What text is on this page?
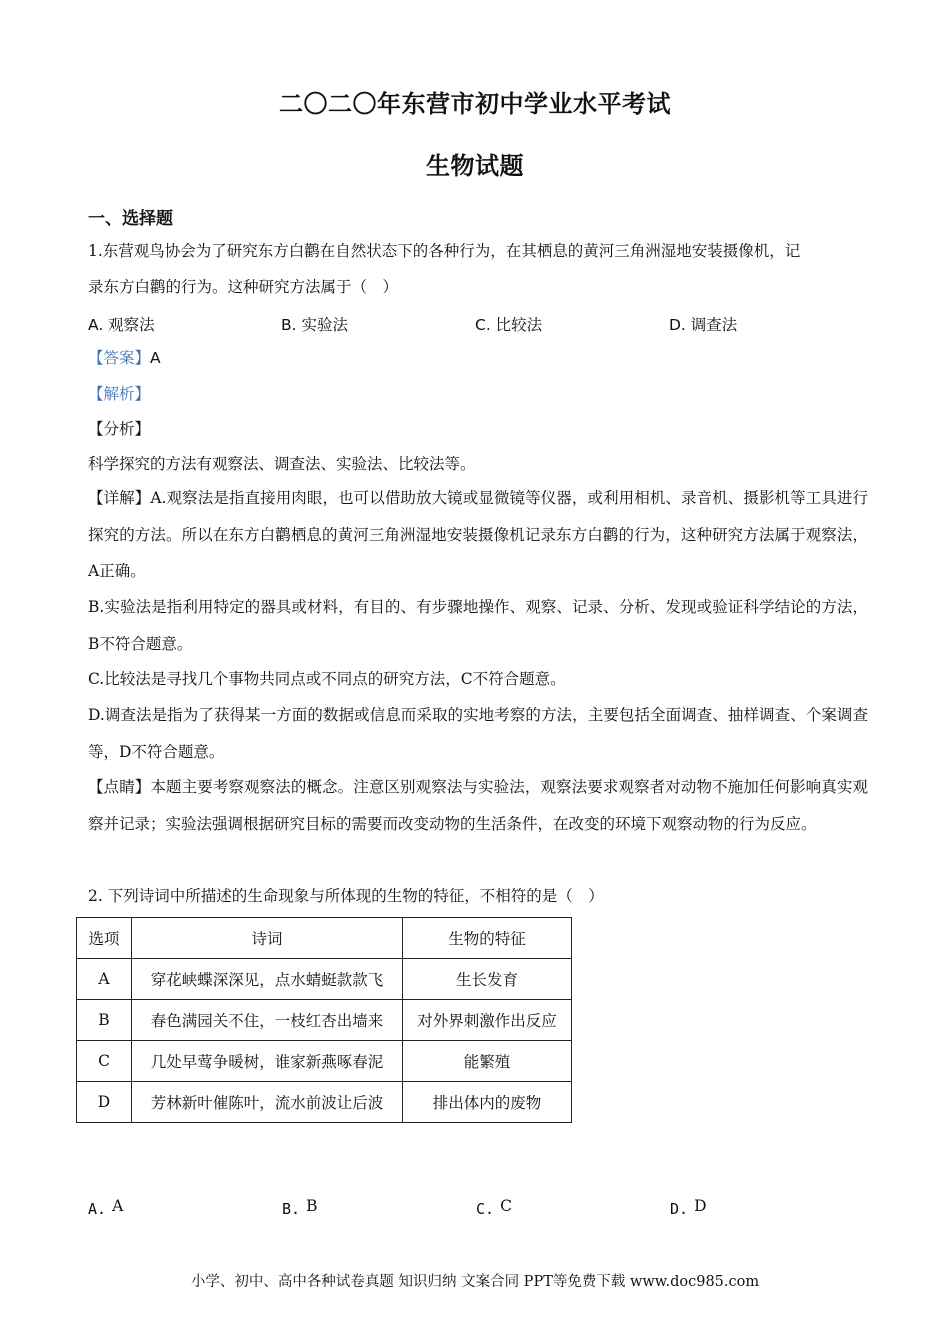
二〇二〇年东营市初中学业水平考试
生物试题
一、选择题
1.东营观鸟协会为了研究东方白鹳在自然状态下的各种行为，在其栖息的黄河三角洲湿地安装摄像机，记
录东方白鹳的行为。这种研究方法属于（　）
A. 观察法	B. 实验法	C. 比较法	D. 调查法
【答案】A
【解析】
【分析】
科学探究的方法有观察法、调查法、实验法、比较法等。

【详解】A.观察法是指直接用肉眼，也可以借助放大镜或显微镜等仪器，或利用相机、录音机、摄影机等工具进行探究的方法。所以在东方白鹳栖息的黄河三角洲湿地安装摄像机记录东方白鹳的行为，这种研究方法属于观察法，A正确。

B.实验法是指利用特定的器具或材料，有目的、有步骤地操作、观察、记录、分析、发现或验证科学结论的方法，B不符合题意。

C.比较法是寻找几个事物共同点或不同点的研究方法，C不符合题意。

D.调查法是指为了获得某一方面的数据或信息而采取的实地考察的方法，主要包括全面调查、抽样调查、个案调查等，D不符合题意。

【点睛】本题主要考察观察法的概念。注意区别观察法与实验法，观察法要求观察者对动物不施加任何影响真实观察并记录；实验法强调根据研究目标的需要而改变动物的生活条件，在改变的环境下观察动物的行为反应。

2. 下列诗词中所描述的生命现象与所体现的生物的特征，不相符的是（　）
选项	诗词	生物的特征
A	穿花峡蝶深深见，点水蜻蜓款款飞	生长发育
B	春色满园关不住，一枝红杏出墙来	对外界刺激作出反应
C	几处早莺争暖树，谁家新燕啄春泥	能繁殖
D	芳林新叶催陈叶，流水前波让后波	排出体内的废物
A. A	B. B	C. C	D. D
小学、初中、高中各种试卷真题 知识归纳 文案合同 PPT等免费下载 www.doc985.com
